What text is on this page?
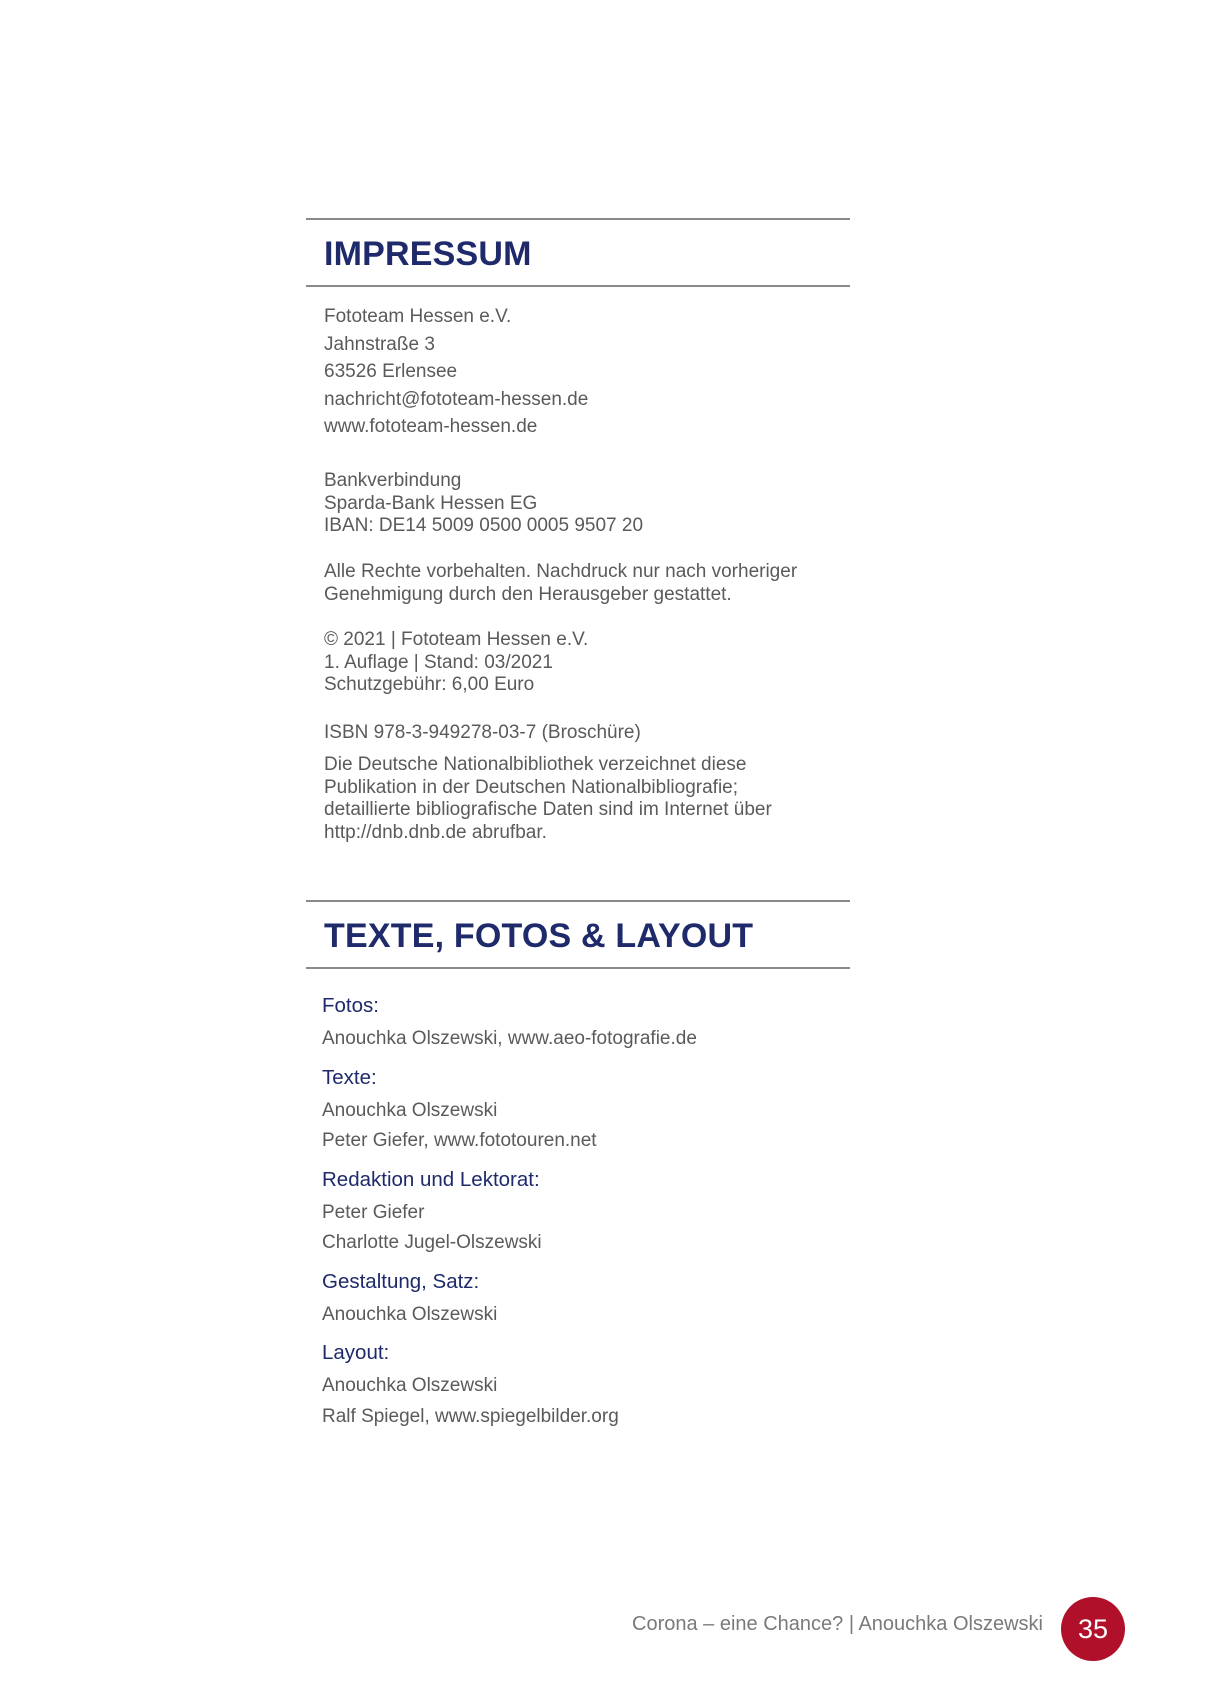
IMPRESSUM
Fototeam Hessen e.V.
Jahnstraße 3
63526 Erlensee
nachricht@fototeam-hessen.de
www.fototeam-hessen.de
Bankverbindung
Sparda-Bank Hessen EG
IBAN: DE14 5009 0500 0005 9507 20
Alle Rechte vorbehalten. Nachdruck nur nach vorheriger
Genehmigung durch den Herausgeber gestattet.
© 2021 | Fototeam Hessen e.V.
1. Auflage | Stand: 03/2021
Schutzgebühr: 6,00 Euro
ISBN 978-3-949278-03-7 (Broschüre)
Die Deutsche Nationalbibliothek verzeichnet diese
Publikation in der Deutschen Nationalbibliografie;
detaillierte bibliografische Daten sind im Internet über
http://dnb.dnb.de abrufbar.
TEXTE, FOTOS & LAYOUT
Fotos:
Anouchka Olszewski, www.aeo-fotografie.de
Texte:
Anouchka Olszewski
Peter Giefer, www.fototouren.net
Redaktion und Lektorat:
Peter Giefer
Charlotte Jugel-Olszewski
Gestaltung, Satz:
Anouchka Olszewski
Layout:
Anouchka Olszewski
Ralf Spiegel, www.spiegelbilder.org
Corona – eine Chance? | Anouchka Olszewski	35
